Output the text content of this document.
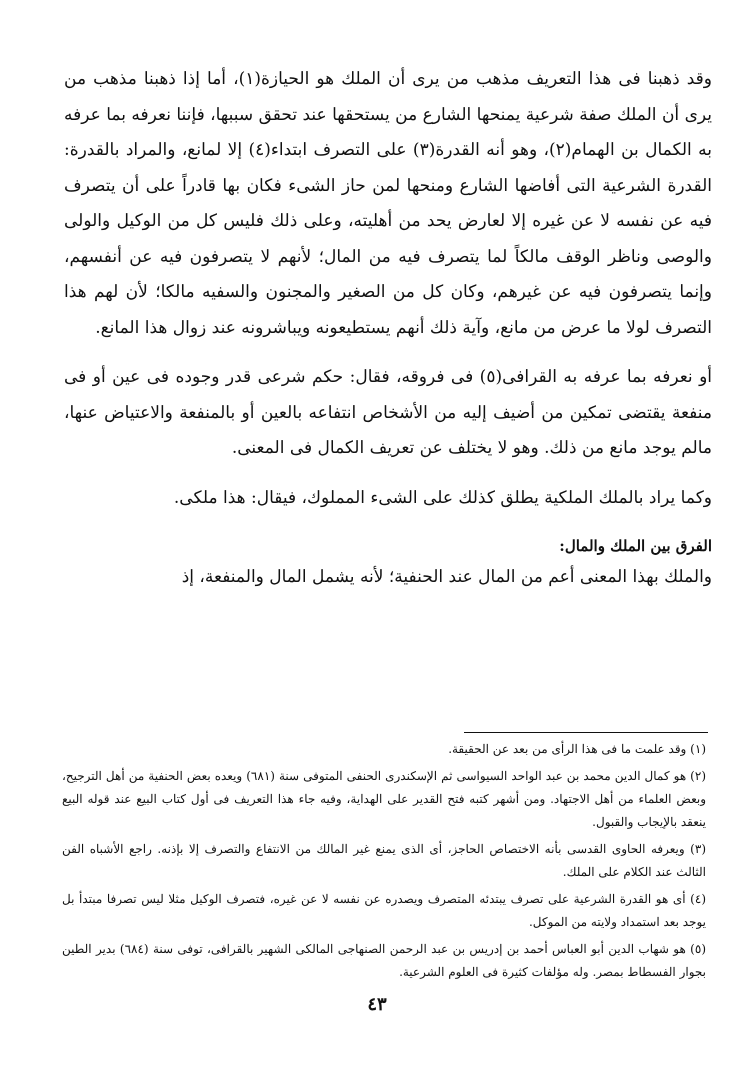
وقد ذهبنا فى هذا التعريف مذهب من يرى أن الملك هو الحيازة(١)، أما إذا ذهبنا مذهب من يرى أن الملك صفة شرعية يمنحها الشارع من يستحقها عند تحقق سببها، فإننا نعرفه بما عرفه به الكمال بن الهمام(٢)، وهو أنه القدرة(٣) على التصرف ابتداء(٤) إلا لمانع، والمراد بالقدرة: القدرة الشرعية التى أفاضها الشارع ومنحها لمن حاز الشىء فكان بها قادراً على أن يتصرف فيه عن نفسه لا عن غيره إلا لعارض يحد من أهليته، وعلى ذلك فليس كل من الوكيل والولى والوصى وناظر الوقف مالكاً لما يتصرف فيه من المال؛ لأنهم لا يتصرفون فيه عن أنفسهم، وإنما يتصرفون فيه عن غيرهم، وكان كل من الصغير والمجنون والسفيه مالكا؛ لأن لهم هذا التصرف لولا ما عرض من مانع، وآية ذلك أنهم يستطيعونه ويباشرونه عند زوال هذا المانع.

أو نعرفه بما عرفه به القرافى(٥) فى فروقه، فقال: حكم شرعى قدر وجوده فى عين أو فى منفعة يقتضى تمكين من أضيف إليه من الأشخاص انتفاعه بالعين أو بالمنفعة والاعتياض عنها، مالم يوجد مانع من ذلك. وهو لا يختلف عن تعريف الكمال فى المعنى.

وكما يراد بالملك الملكية يطلق كذلك على الشىء المملوك، فيقال: هذا ملكى.

الفرق بين الملك والمال:

والملك بهذا المعنى أعم من المال عند الحنفية؛ لأنه يشمل المال والمنفعة، إذ

(١) وقد علمت ما فى هذا الرأى من بعد عن الحقيقة.

(٢) هو كمال الدين محمد بن عبد الواحد السيواسى ثم الإسكندرى الحنفى المتوفى سنة (٦٨١) ويعده بعض الحنفية من أهل الترجيح، وبعض العلماء من أهل الاجتهاد. ومن أشهر كتبه فتح القدير على الهداية، وفيه جاء هذا التعريف فى أول كتاب البيع عند قوله البيع ينعقد بالإيجاب والقبول.

(٣) ويعرفه الحاوى القدسى بأنه الاختصاص الحاجز، أى الذى يمنع غير المالك من الانتفاع والتصرف إلا بإذنه. راجع الأشباه الفن الثالث عند الكلام على الملك.

(٤) أى هو القدرة الشرعية على تصرف يبتدئه المتصرف ويصدره عن نفسه لا عن غيره، فتصرف الوكيل مثلا ليس تصرفا مبتدأ بل يوجد بعد استمداد ولايته من الموكل.

(٥) هو شهاب الدين أبو العباس أحمد بن إدريس بن عبد الرحمن الصنهاجى المالكى الشهير بالقرافى، توفى سنة (٦٨٤) بدير الطين بجوار الفسطاط بمصر. وله مؤلفات كثيرة فى العلوم الشرعية.

٤٣
